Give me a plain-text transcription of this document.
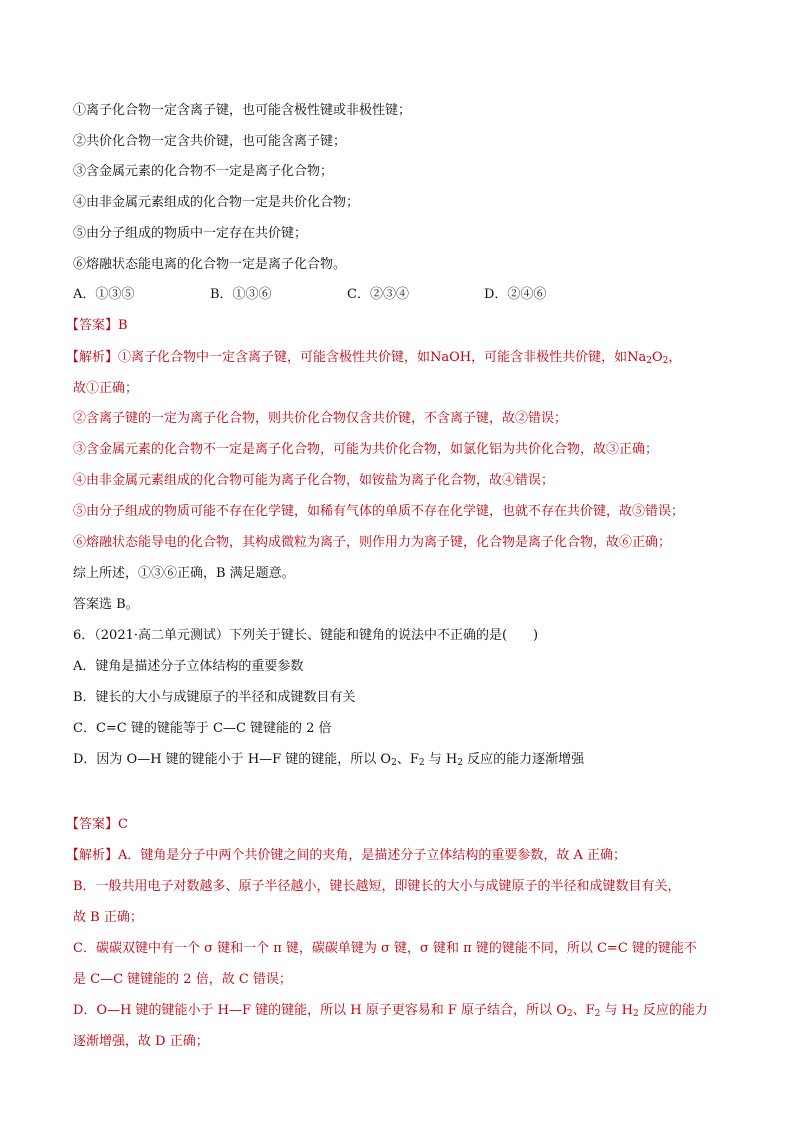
①离子化合物一定含离子键，也可能含极性键或非极性键；
②共价化合物一定含共价键，也可能含离子键；
③含金属元素的化合物不一定是离子化合物；
④由非金属元素组成的化合物一定是共价化合物；
⑤由分子组成的物质中一定存在共价键；
⑥熔融状态能电离的化合物一定是离子化合物。
A．①③⑤	B．①③⑥	C．②③④	D．②④⑥
【答案】B
【解析】①离子化合物中一定含离子键，可能含极性共价键，如NaOH，可能含非极性共价键，如$Na_2O_2$，
故①正确；
②含离子键的一定为离子化合物，则共价化合物仅含共价键，不含离子键，故②错误；
③含金属元素的化合物不一定是离子化合物，可能为共价化合物，如氯化铝为共价化合物，故③正确；
④由非金属元素组成的化合物可能为离子化合物，如铵盐为离子化合物，故④错误；
⑤由分子组成的物质可能不存在化学键，如稀有气体的单质不存在化学键，也就不存在共价键，故⑤错误；
⑥熔融状态能导电的化合物，其构成微粒为离子，则作用力为离子键，化合物是离子化合物，故⑥正确；
综上所述，①③⑥正确，B 满足题意。
答案选 B。
6．（2021·高二单元测试）下列关于键长、键能和键角的说法中不正确的是(　　)
A．键角是描述分子立体结构的重要参数
B．键长的大小与成键原子的半径和成键数目有关
C．C=C 键的键能等于 C—C 键键能的 2 倍
D．因为 O—H 键的键能小于 H—F 键的键能，所以 $O_2$、$F_2$ 与 $H_2$ 反应的能力逐渐增强
【答案】C
【解析】A．键角是分子中两个共价键之间的夹角，是描述分子立体结构的重要参数，故 A 正确；
B．一般共用电子对数越多、原子半径越小，键长越短，即键长的大小与成键原子的半径和成键数目有关，
故 B 正确；
C．碳碳双键中有一个 σ 键和一个 π 键，碳碳单键为 σ 键，σ 键和 π 键的键能不同，所以 C=C 键的键能不
是 C—C 键键能的 2 倍，故 C 错误；
D．O—H 键的键能小于 H—F 键的键能，所以 H 原子更容易和 F 原子结合，所以 $O_2$、$F_2$ 与 $H_2$ 反应的能力
逐渐增强，故 D 正确；
